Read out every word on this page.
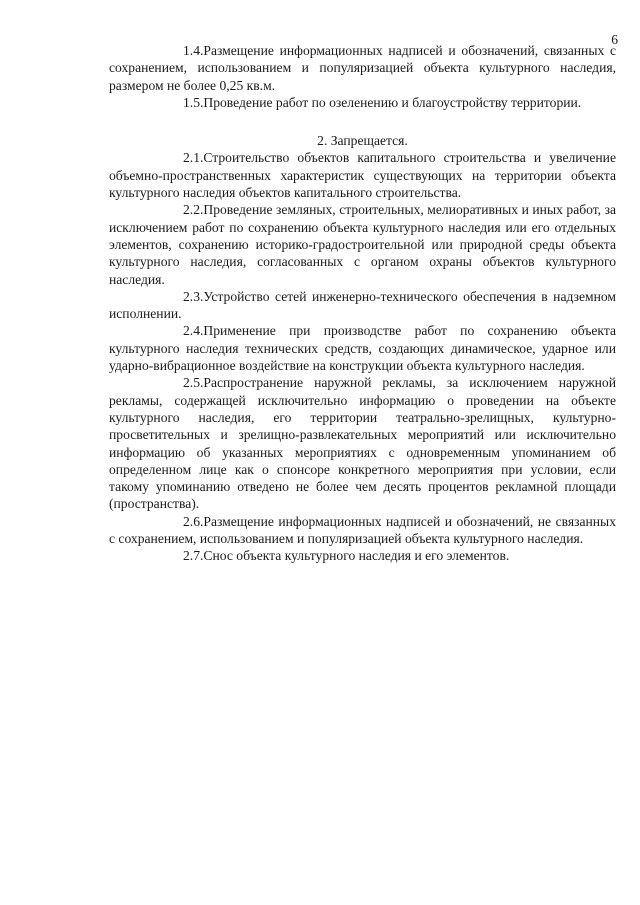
6

1.4.Размещение информационных надписей и обозначений, связанных с сохранением, использованием и популяризацией объекта культурного наследия, размером не более 0,25 кв.м.

1.5.Проведение работ по озеленению и благоустройству территории.

2. Запрещается.

2.1.Строительство объектов капитального строительства и увеличение объемно-пространственных характеристик существующих на территории объекта культурного наследия объектов капитального строительства.

2.2.Проведение земляных, строительных, мелиоративных и иных работ, за исключением работ по сохранению объекта культурного наследия или его отдельных элементов, сохранению историко-градостроительной или природной среды объекта культурного наследия, согласованных с органом охраны объектов культурного наследия.

2.3.Устройство сетей инженерно-технического обеспечения в надземном исполнении.

2.4.Применение при производстве работ по сохранению объекта культурного наследия технических средств, создающих динамическое, ударное или ударно-вибрационное воздействие на конструкции объекта культурного наследия.

2.5.Распространение наружной рекламы, за исключением наружной рекламы, содержащей исключительно информацию о проведении на объекте культурного наследия, его территории театрально-зрелищных, культурно-просветительных и зрелищно-развлекательных мероприятий или исключительно информацию об указанных мероприятиях с одновременным упоминанием об определенном лице как о спонсоре конкретного мероприятия при условии, если такому упоминанию отведено не более чем десять процентов рекламной площади (пространства).

2.6.Размещение информационных надписей и обозначений, не связанных с сохранением, использованием и популяризацией объекта культурного наследия.

2.7.Снос объекта культурного наследия и его элементов.
